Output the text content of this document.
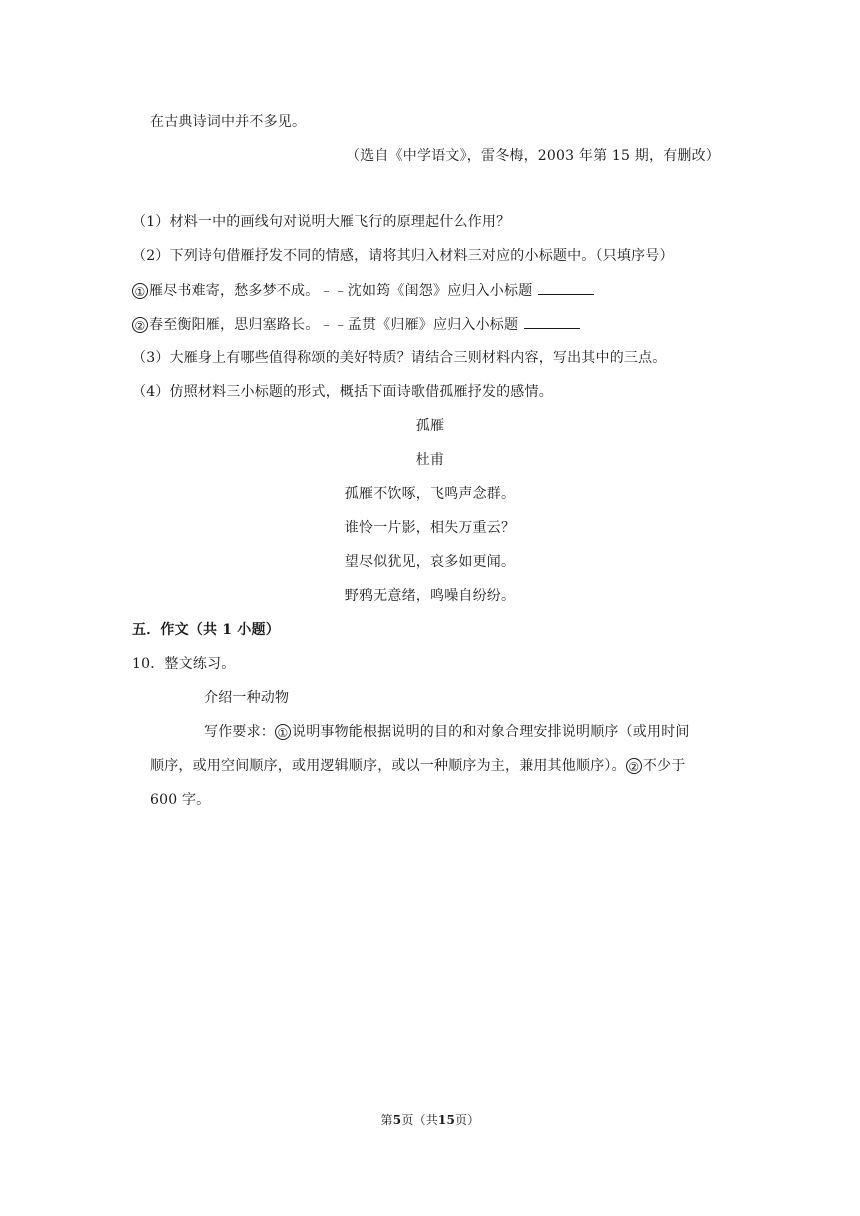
在古典诗词中并不多见。
（选自《中学语文》，雷冬梅，2003 年第 15 期，有删改）
（1）材料一中的画线句对说明大雁飞行的原理起什么作用？
（2）下列诗句借雁抒发不同的情感，请将其归入材料三对应的小标题中。（只填序号）
① 雁尽书难寄，愁多梦不成。﹣﹣沈如筠《闺怨》应归入小标题
② 春至衡阳雁，思归塞路长。﹣﹣孟贯《归雁》应归入小标题
（3）大雁身上有哪些值得称颂的美好特质？请结合三则材料内容，写出其中的三点。
（4）仿照材料三小标题的形式，概括下面诗歌借孤雁抒发的感情。
孤雁
杜甫
孤雁不饮啄，飞鸣声念群。
谁怜一片影，相失万重云？
望尽似犹见，哀多如更闻。
野鸦无意绪，鸣噪自纷纷。
五．作文（共 1 小题）
10．整文练习。
介绍一种动物
写作要求： ① 说明事物能根据说明的目的和对象合理安排说明顺序（或用时间
顺序，或用空间顺序，或用逻辑顺序，或以一种顺序为主，兼用其他顺序）。 ② 不少于
600 字。
第5页（共15页）
